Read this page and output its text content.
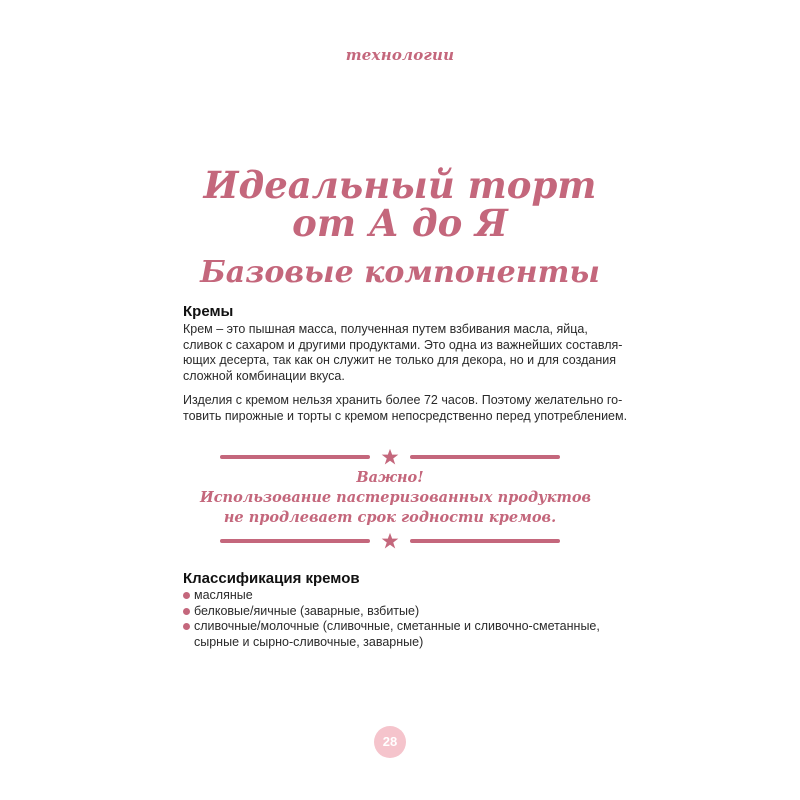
технологии
Идеальный торт
от А до Я
Базовые компоненты
Кремы
Крем – это пышная масса, полученная путем взбивания масла, яйца,
сливок с сахаром и другими продуктами. Это одна из важнейших составля-
ющих десерта, так как он служит не только для декора, но и для создания
сложной комбинации вкуса.
Изделия с кремом нельзя хранить более 72 часов. Поэтому желательно го-
товить пирожные и торты с кремом непосредственно перед употреблением.
Важно!
Использование пастеризованных продуктов
не продлевает срок годности кремов.
Классификация кремов
масляные
белковые/яичные (заварные, взбитые)
сливочные/молочные (сливочные, сметанные и сливочно-сметанные,
сырные и сырно-сливочные, заварные)
28
